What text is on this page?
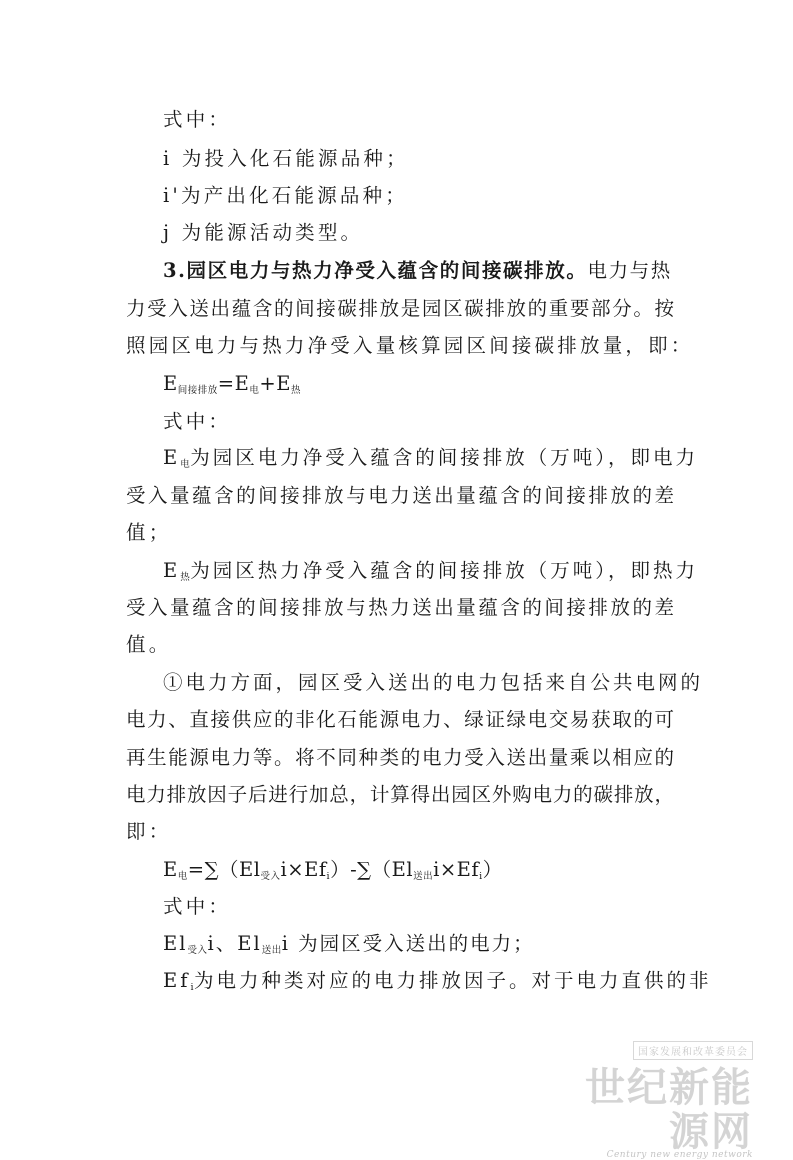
式中：
i 为投入化石能源品种；
i'为产出化石能源品种；
j 为能源活动类型。
3.园区电力与热力净受入蕴含的间接碳排放。电力与热
力受入送出蕴含的间接碳排放是园区碳排放的重要部分。按
照园区电力与热力净受入量核算园区间接碳排放量，即：
$E_{间接排放}=E_电+E_热$
式中：
$E_电$为园区电力净受入蕴含的间接排放（万吨），即电力
受入量蕴含的间接排放与电力送出量蕴含的间接排放的差
值；
$E_热$为园区热力净受入蕴含的间接排放（万吨），即热力
受入量蕴含的间接排放与热力送出量蕴含的间接排放的差
值。
①电力方面，园区受入送出的电力包括来自公共电网的
电力、直接供应的非化石能源电力、绿证绿电交易获取的可
再生能源电力等。将不同种类的电力受入送出量乘以相应的
电力排放因子后进行加总，计算得出园区外购电力的碳排放，
即：
$E_电=\sum(El_{受入}i\times Ef_i)-\sum(El_{送出}i\times Ef_i)$
式中：
$El_{受入}i$、$El_{送出}i$ 为园区受入送出的电力；
$Ef_i$为电力种类对应的电力排放因子。对于电力直供的非
国家发展和改革委员会
世纪新能源网
Century new energy network
